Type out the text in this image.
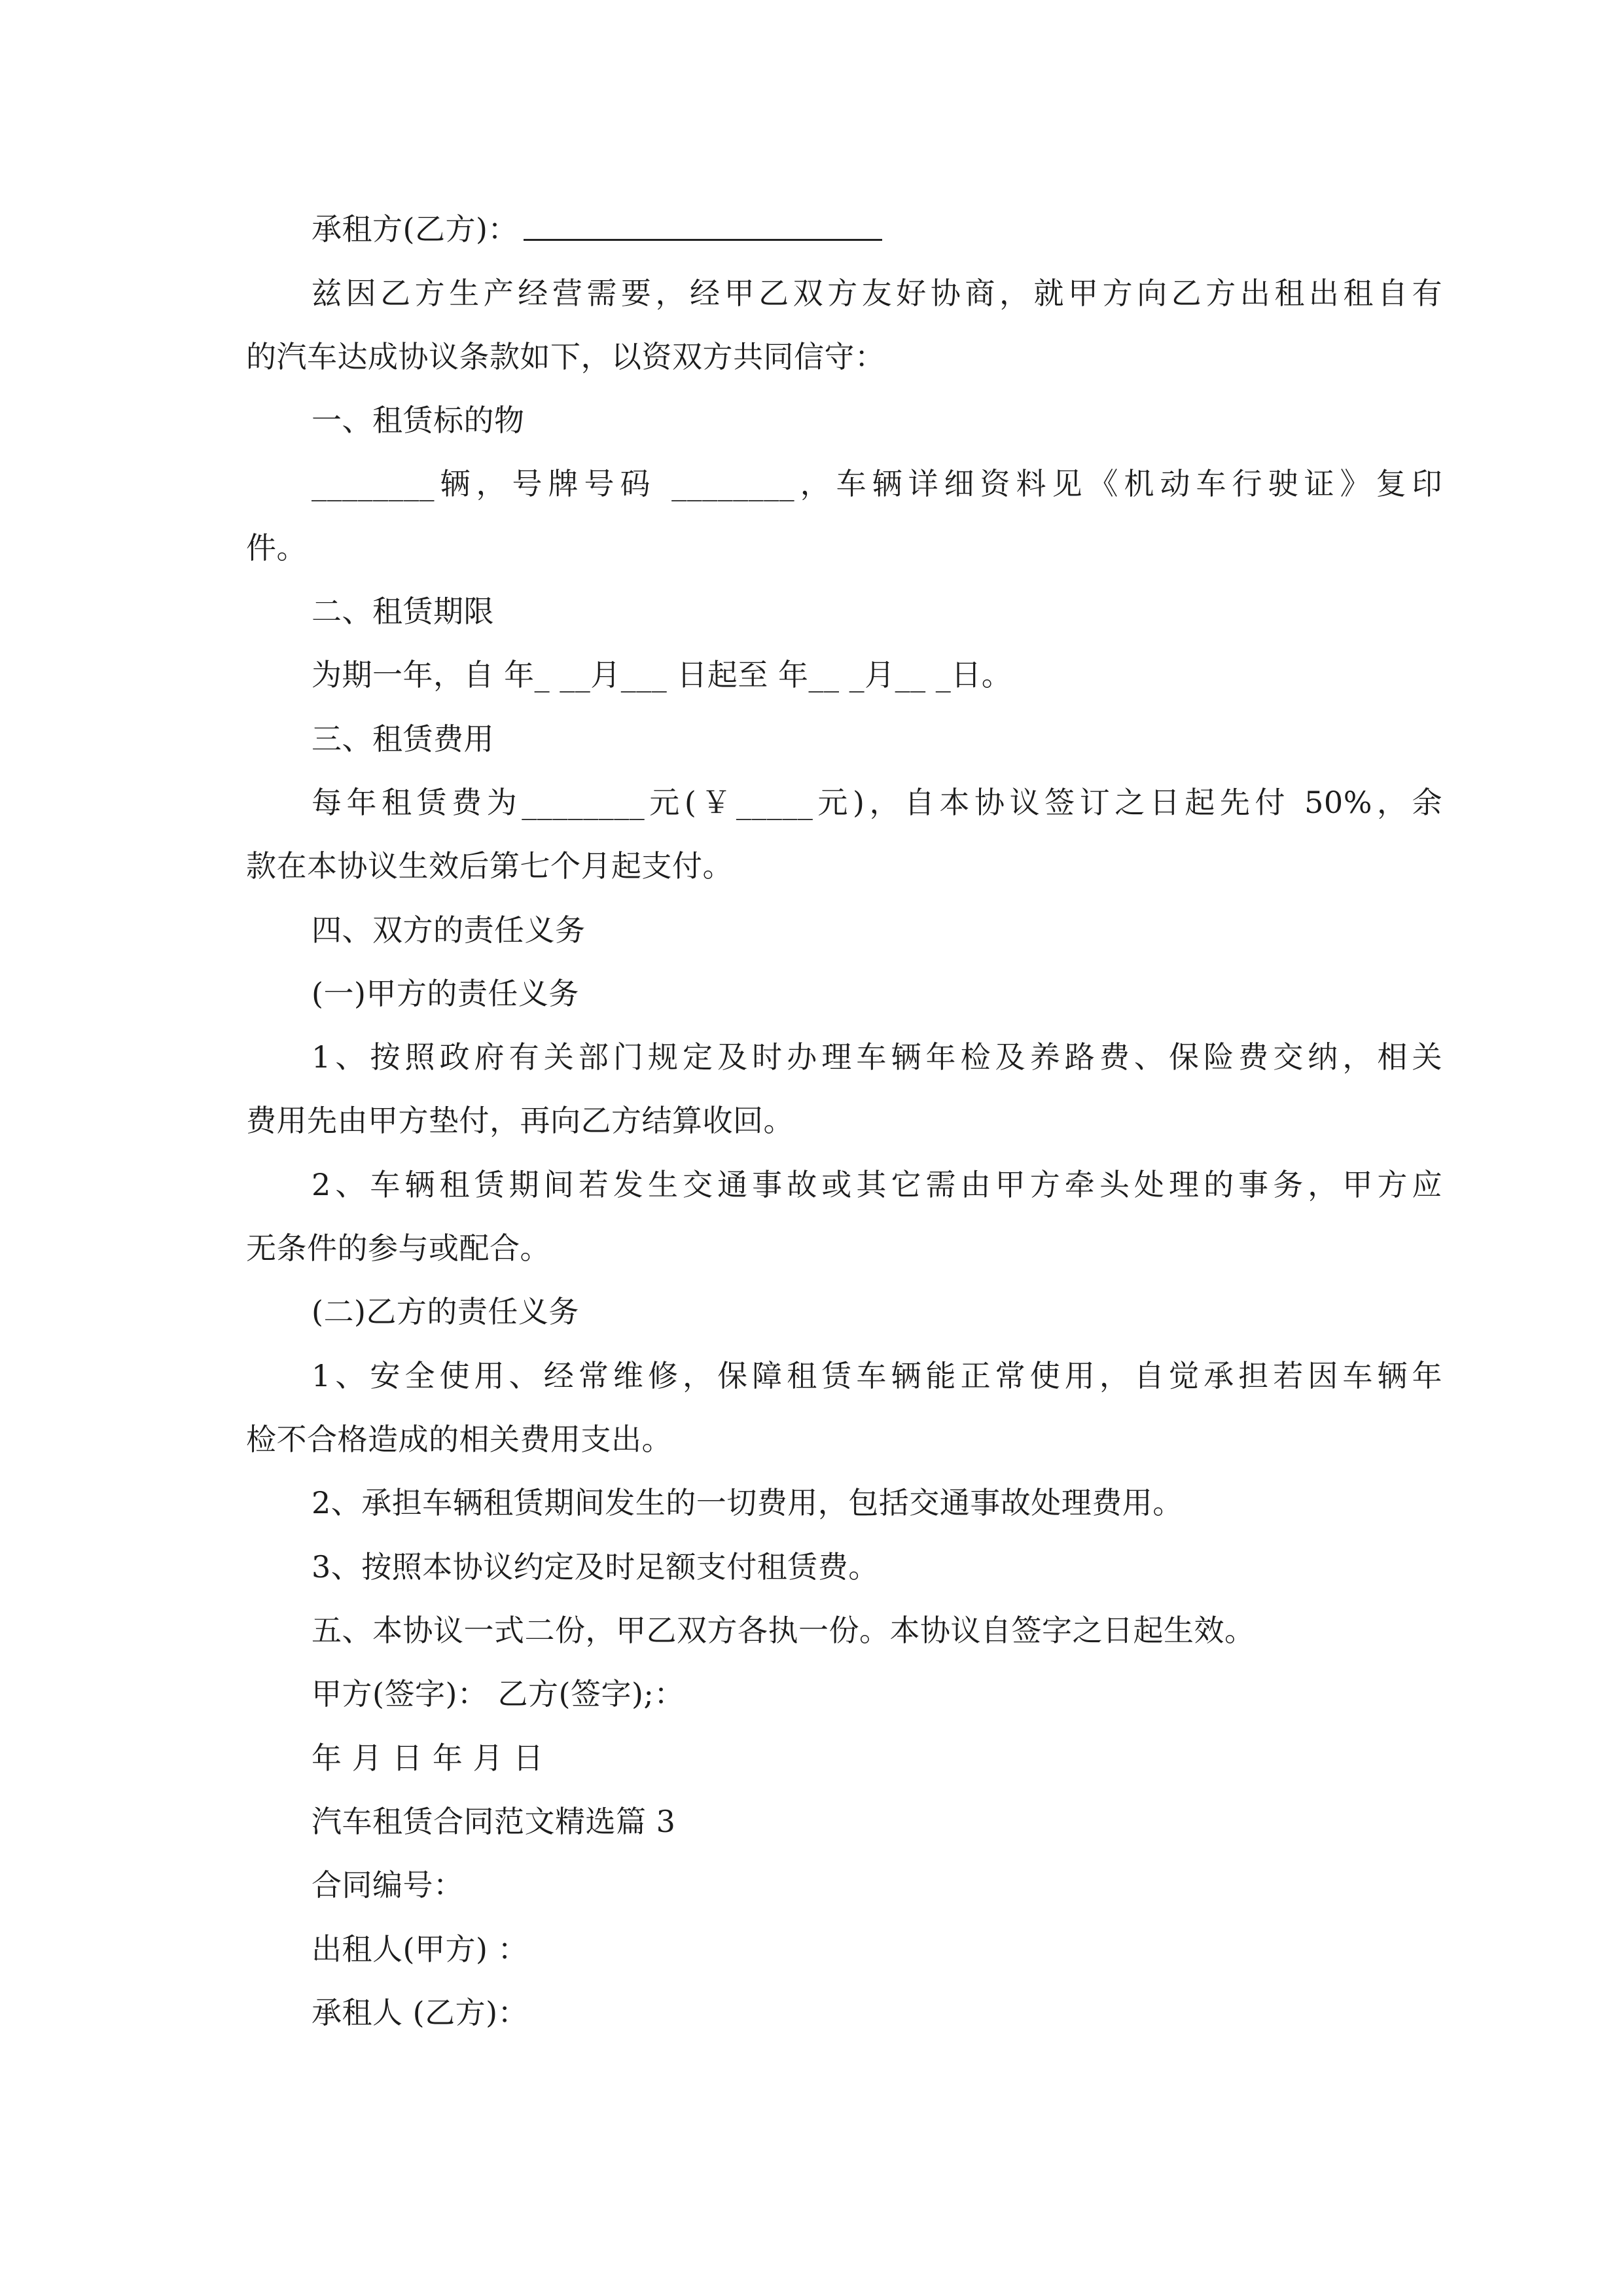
承租方(乙方)：

兹因乙方生产经营需要，经甲乙双方友好协商，就甲方向乙方出租出租自有

的汽车达成协议条款如下，以资双方共同信守：

一、租赁标的物

________辆，号牌号码 ________，车辆详细资料见《机动车行驶证》复印

件。

二、租赁期限

为期一年，自 年_ __月___ 日起至 年__ _月__ _日。

三、租赁费用

每年租赁费为________元(￥_____元)，自本协议签订之日起先付 50%，余

款在本协议生效后第七个月起支付。

四、双方的责任义务

(一)甲方的责任义务

1、按照政府有关部门规定及时办理车辆年检及养路费、保险费交纳，相关

费用先由甲方垫付，再向乙方结算收回。

2、车辆租赁期间若发生交通事故或其它需由甲方牵头处理的事务，甲方应

无条件的参与或配合。

(二)乙方的责任义务

1、安全使用、经常维修，保障租赁车辆能正常使用，自觉承担若因车辆年

检不合格造成的相关费用支出。

2、承担车辆租赁期间发生的一切费用，包括交通事故处理费用。

3、按照本协议约定及时足额支付租赁费。

五、本协议一式二份，甲乙双方各执一份。本协议自签字之日起生效。

甲方(签字)： 乙方(签字);：

年 月 日 年 月 日

汽车租赁合同范文精选篇 3

合同编号：

出租人(甲方) ：

承租人 (乙方)：
